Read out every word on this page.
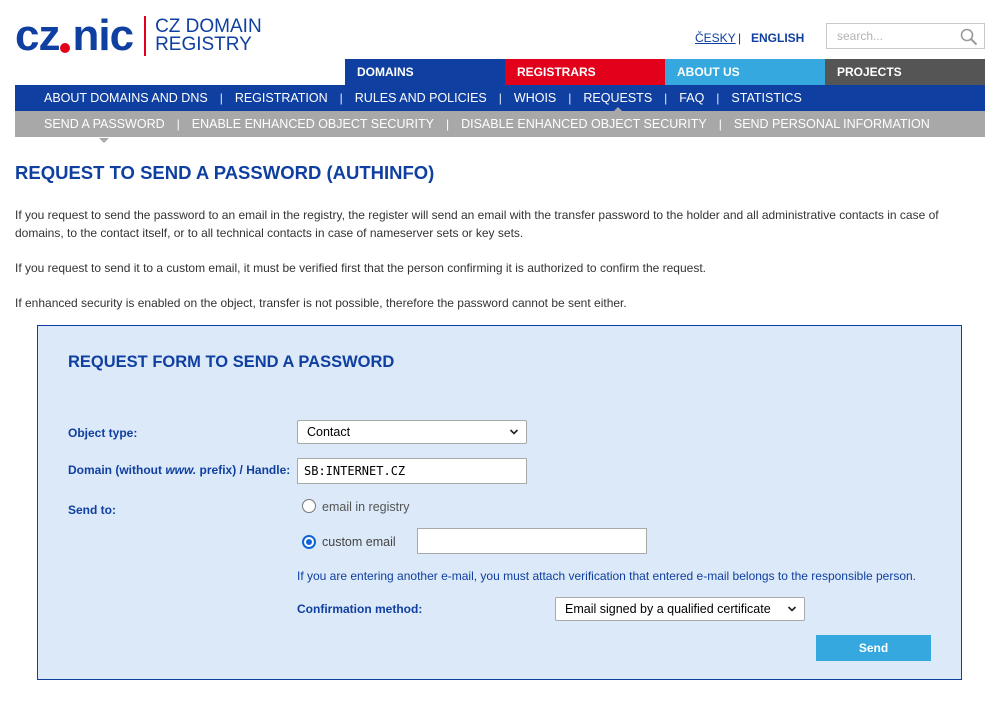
cz nic CZ DOMAIN
REGISTRY	ČESKY | ENGLISH
search...
DOMAINS	REGISTRARS	ABOUT US	PROJECTS
ABOUT DOMAINS AND DNS | REGISTRATION | RULES AND POLICIES | WHOIS | REQUESTS | FAQ | STATISTICS
SEND A PASSWORD | ENABLE ENHANCED OBJECT SECURITY | DISABLE ENHANCED OBJECT SECURITY | SEND PERSONAL INFORMATION
REQUEST TO SEND A PASSWORD (AUTHINFO)

If you request to send the password to an email in the registry, the register will send an email with the transfer password to the holder and all administrative contacts in case of domains, to the contact itself, or to all technical contacts in case of nameserver sets or key sets.

If you request to send it to a custom email, it must be verified first that the person confirming it is authorized to confirm the request.

If enhanced security is enabled on the object, transfer is not possible, therefore the password cannot be sent either.

REQUEST FORM TO SEND A PASSWORD
Object type:	Contact
Domain (without www. prefix) / Handle:	SB:INTERNET.CZ
Send to:	email in registry
custom email

If you are entering another e-mail, you must attach verification that entered e-mail belongs to the responsible person.

Confirmation method:	Email signed by a qualified certificate
Send
